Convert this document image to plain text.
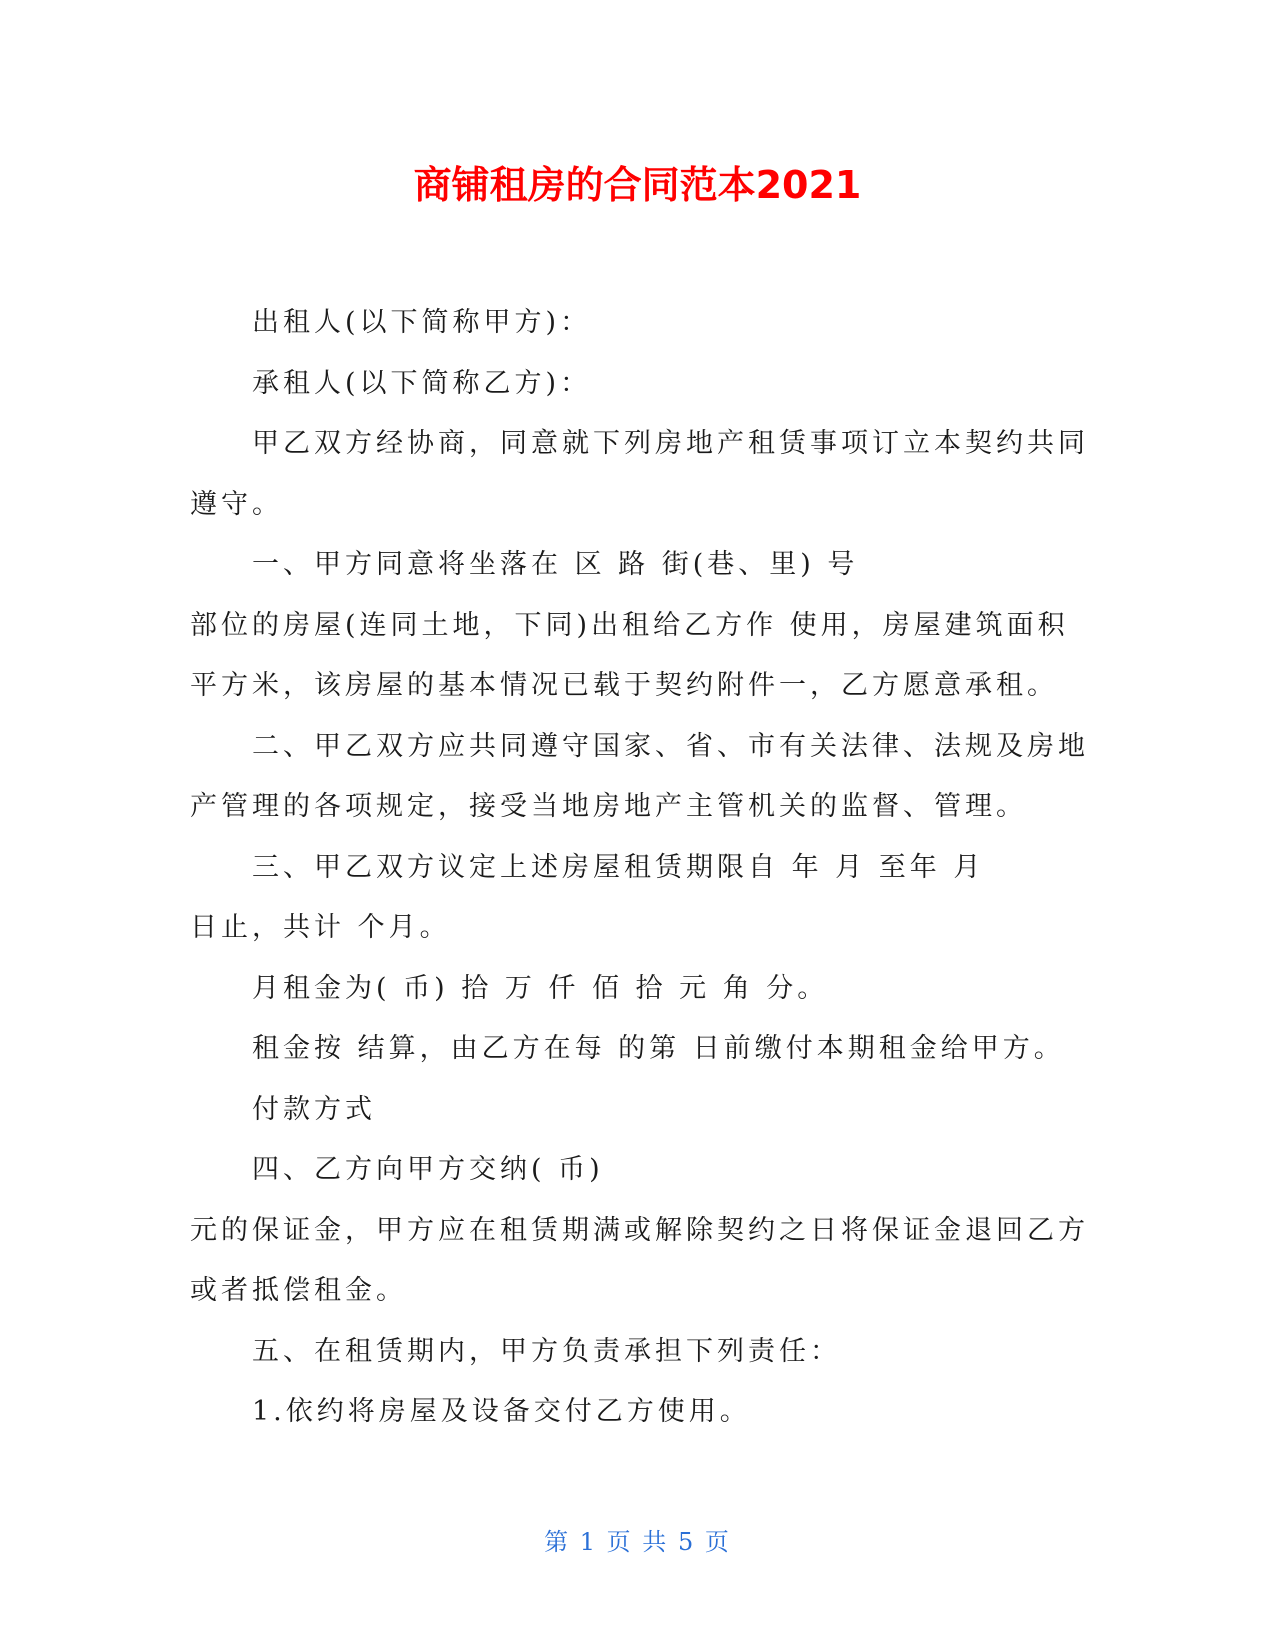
商铺租房的合同范本2021

出租人(以下简称甲方)：

承租人(以下简称乙方)：

甲乙双方经协商，同意就下列房地产租赁事项订立本契约共同遵守。

一、甲方同意将坐落在 区 路 街(巷、里) 号

部位的房屋(连同土地，下同)出租给乙方作 使用，房屋建筑面积 平方米，该房屋的基本情况已载于契约附件一，乙方愿意承租。

二、甲乙双方应共同遵守国家、省、市有关法律、法规及房地产管理的各项规定，接受当地房地产主管机关的监督、管理。

三、甲乙双方议定上述房屋租赁期限自 年 月 至年 月

日止，共计 个月。

月租金为( 币) 拾 万 仟 佰 拾 元 角 分。

租金按 结算，由乙方在每 的第 日前缴付本期租金给甲方。

付款方式

四、乙方向甲方交纳( 币)

元的保证金，甲方应在租赁期满或解除契约之日将保证金退回乙方或者抵偿租金。

五、在租赁期内，甲方负责承担下列责任：

1.依约将房屋及设备交付乙方使用。

第 1 页 共 5 页
